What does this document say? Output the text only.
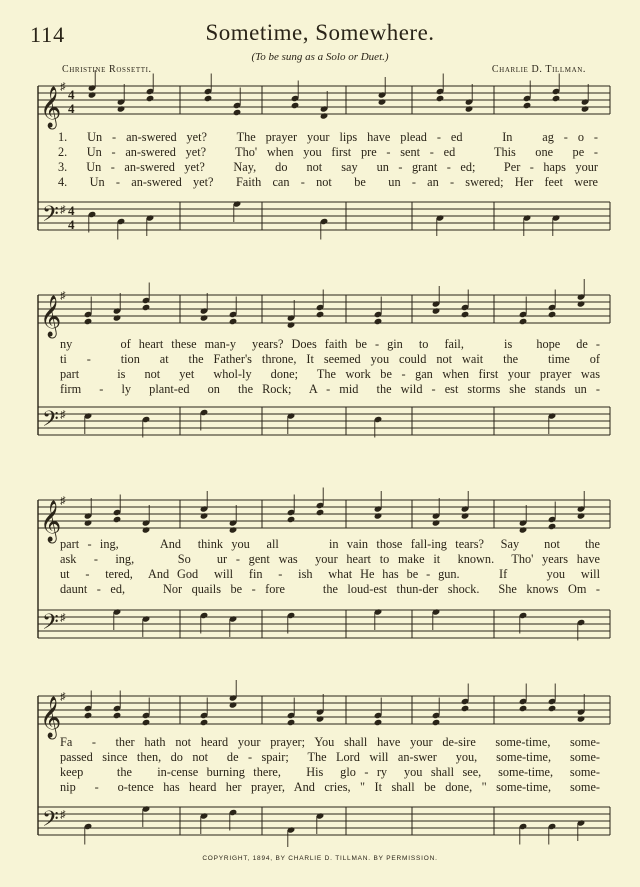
114	Sometime, Somewhere.
(To be sung as a Solo or Duet.)
Christine Rossetti.	Charlie D. Tillman.
𝄞
𝄢
♯
♯
4
4
4
4
1.  Un - an-swered yet?   The prayer your lips have plead - ed    In   ag - o -
2.  Un - an-swered yet?   Tho' when you first pre - sent - ed    This  one  pe -
3.  Un - an-swered yet?   Nay,  do  not  say  un - grant - ed;   Per - haps your
4.  Un - an-swered yet?  Faith can - not  be  un - an - swered; Her feet were
𝄞
𝄢
♯
♯
ny      of heart these man-y  years? Does faith be - gin  to  fail,     is   hope  de -
ti  -   tion  at  the Father's throne, It seemed you could not wait  the   time  of
part    is  not  yet  whol-ly  done;  The work be - gan when first your prayer was
firm  -  ly  plant-ed  on  the Rock;  A - mid  the wild - est storms she stands un -
𝄞
𝄢
♯
♯
part - ing,     And  think you  all      in vain those fall-ing tears?  Say   not   the
ask  -  ing,     So   ur - gent was  your heart to make it  known.  Tho' years have
ut  -  tered,  And God  will  fin  -  ish  what He has be - gun.     If     you  will
daunt - ed,    Nor quails be - fore    the loud-est thun-der shock.  She knows Om -
𝄞
𝄢
♯
♯
Fa  -  ther hath not heard your prayer; You shall have your de-sire  some-time,  some-
passed since then, do not  de - spair;  The Lord will an-swer  you,  some-time,  some-
keep    the   in-cense burning there,   His  glo - ry  you shall see,  some-time,  some-
nip  -  o-tence has heard her prayer, And cries, " It shall be done, " some-time,  some-
COPYRIGHT, 1894, BY CHARLIE D. TILLMAN. BY PERMISSION.
